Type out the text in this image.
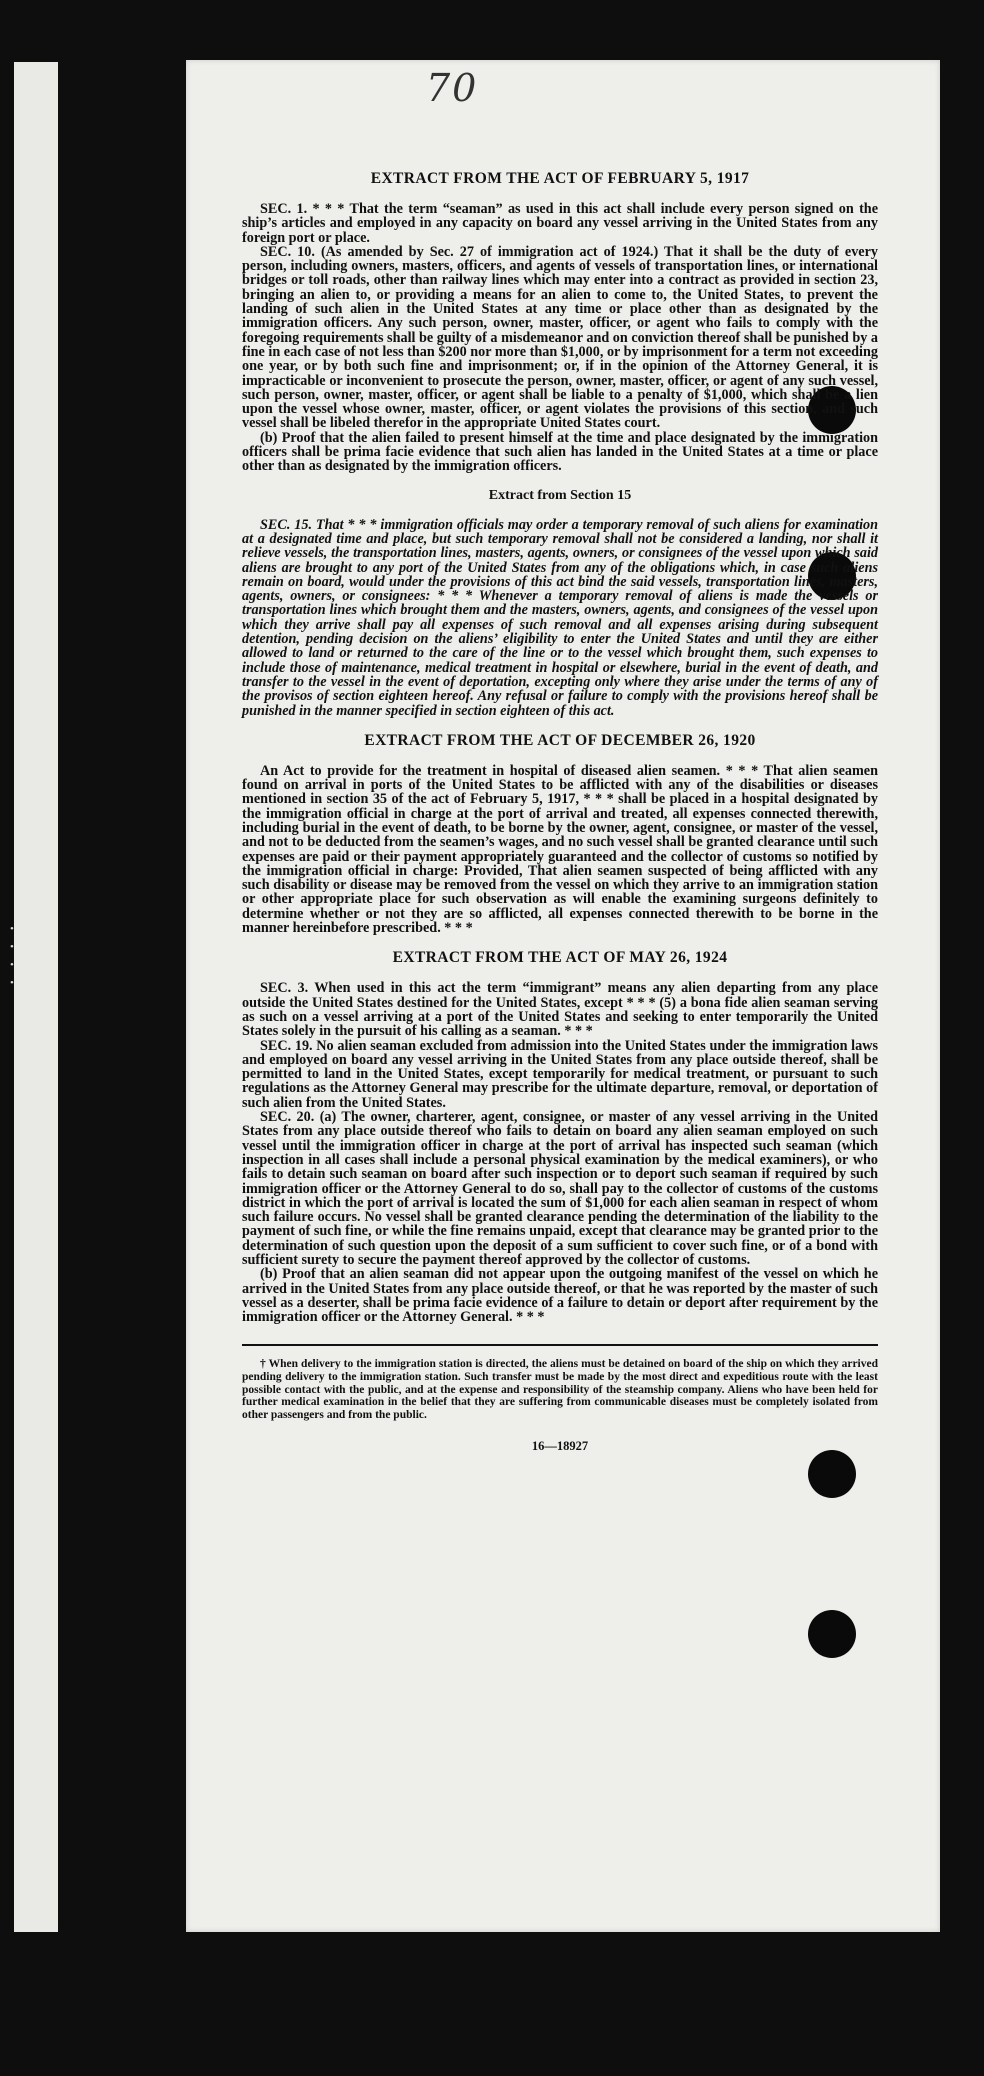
•
•
•
•

70
EXTRACT FROM THE ACT OF FEBRUARY 5, 1917

SEC. 1. * * * That the term “seaman” as used in this act shall include every person signed on the ship’s articles and employed in any capacity on board any vessel arriving in the United States from any foreign port or place.

SEC. 10. (As amended by Sec. 27 of immigration act of 1924.) That it shall be the duty of every person, including owners, masters, officers, and agents of vessels of transportation lines, or international bridges or toll roads, other than railway lines which may enter into a contract as provided in section 23, bringing an alien to, or providing a means for an alien to come to, the United States, to prevent the landing of such alien in the United States at any time or place other than as designated by the immigration officers. Any such person, owner, master, officer, or agent who fails to comply with the foregoing requirements shall be guilty of a misdemeanor and on conviction thereof shall be punished by a fine in each case of not less than $200 nor more than $1,000, or by imprisonment for a term not exceeding one year, or by both such fine and imprisonment; or, if in the opinion of the Attorney General, it is impracticable or inconvenient to prosecute the person, owner, master, officer, or agent of any such vessel, such person, owner, master, officer, or agent shall be liable to a penalty of $1,000, which shall be a lien upon the vessel whose owner, master, officer, or agent violates the provisions of this section, and such vessel shall be libeled therefor in the appropriate United States court.

(b) Proof that the alien failed to present himself at the time and place designated by the immigration officers shall be prima facie evidence that such alien has landed in the United States at a time or place other than as designated by the immigration officers.

Extract from Section 15

SEC. 15. That * * * immigration officials may order a temporary removal of such aliens for examination at a designated time and place, but such temporary removal shall not be considered a landing, nor shall it relieve vessels, the transportation lines, masters, agents, owners, or consignees of the vessel upon which said aliens are brought to any port of the United States from any of the obligations which, in case such aliens remain on board, would under the provisions of this act bind the said vessels, transportation lines, masters, agents, owners, or consignees: * * * Whenever a temporary removal of aliens is made the vessels or transportation lines which brought them and the masters, owners, agents, and consignees of the vessel upon which they arrive shall pay all expenses of such removal and all expenses arising during subsequent detention, pending decision on the aliens’ eligibility to enter the United States and until they are either allowed to land or returned to the care of the line or to the vessel which brought them, such expenses to include those of maintenance, medical treatment in hospital or elsewhere, burial in the event of death, and transfer to the vessel in the event of deportation, excepting only where they arise under the terms of any of the provisos of section eighteen hereof. Any refusal or failure to comply with the provisions hereof shall be punished in the manner specified in section eighteen of this act.

EXTRACT FROM THE ACT OF DECEMBER 26, 1920

An Act to provide for the treatment in hospital of diseased alien seamen. * * * That alien seamen found on arrival in ports of the United States to be afflicted with any of the disabilities or diseases mentioned in section 35 of the act of February 5, 1917, * * * shall be placed in a hospital designated by the immigration official in charge at the port of arrival and treated, all expenses connected therewith, including burial in the event of death, to be borne by the owner, agent, consignee, or master of the vessel, and not to be deducted from the seamen’s wages, and no such vessel shall be granted clearance until such expenses are paid or their payment appropriately guaranteed and the collector of customs so notified by the immigration official in charge: Provided, That alien seamen suspected of being afflicted with any such disability or disease may be removed from the vessel on which they arrive to an immigration station or other appropriate place for such observation as will enable the examining surgeons definitely to determine whether or not they are so afflicted, all expenses connected therewith to be borne in the manner hereinbefore prescribed. * * *

EXTRACT FROM THE ACT OF MAY 26, 1924

SEC. 3. When used in this act the term “immigrant” means any alien departing from any place outside the United States destined for the United States, except * * * (5) a bona fide alien seaman serving as such on a vessel arriving at a port of the United States and seeking to enter temporarily the United States solely in the pursuit of his calling as a seaman. * * *

SEC. 19. No alien seaman excluded from admission into the United States under the immigration laws and employed on board any vessel arriving in the United States from any place outside thereof, shall be permitted to land in the United States, except temporarily for medical treatment, or pursuant to such regulations as the Attorney General may prescribe for the ultimate departure, removal, or deportation of such alien from the United States.

SEC. 20. (a) The owner, charterer, agent, consignee, or master of any vessel arriving in the United States from any place outside thereof who fails to detain on board any alien seaman employed on such vessel until the immigration officer in charge at the port of arrival has inspected such seaman (which inspection in all cases shall include a personal physical examination by the medical examiners), or who fails to detain such seaman on board after such inspection or to deport such seaman if required by such immigration officer or the Attorney General to do so, shall pay to the collector of customs of the customs district in which the port of arrival is located the sum of $1,000 for each alien seaman in respect of whom such failure occurs. No vessel shall be granted clearance pending the determination of the liability to the payment of such fine, or while the fine remains unpaid, except that clearance may be granted prior to the determination of such question upon the deposit of a sum sufficient to cover such fine, or of a bond with sufficient surety to secure the payment thereof approved by the collector of customs.

(b) Proof that an alien seaman did not appear upon the outgoing manifest of the vessel on which he arrived in the United States from any place outside thereof, or that he was reported by the master of such vessel as a deserter, shall be prima facie evidence of a failure to detain or deport after requirement by the immigration officer or the Attorney General. * * *

† When delivery to the immigration station is directed, the aliens must be detained on board of the ship on which they arrived pending delivery to the immigration station. Such transfer must be made by the most direct and expeditious route with the least possible contact with the public, and at the expense and responsibility of the steamship company. Aliens who have been held for further medical examination in the belief that they are suffering from communicable diseases must be completely isolated from other passengers and from the public.

16—18927
